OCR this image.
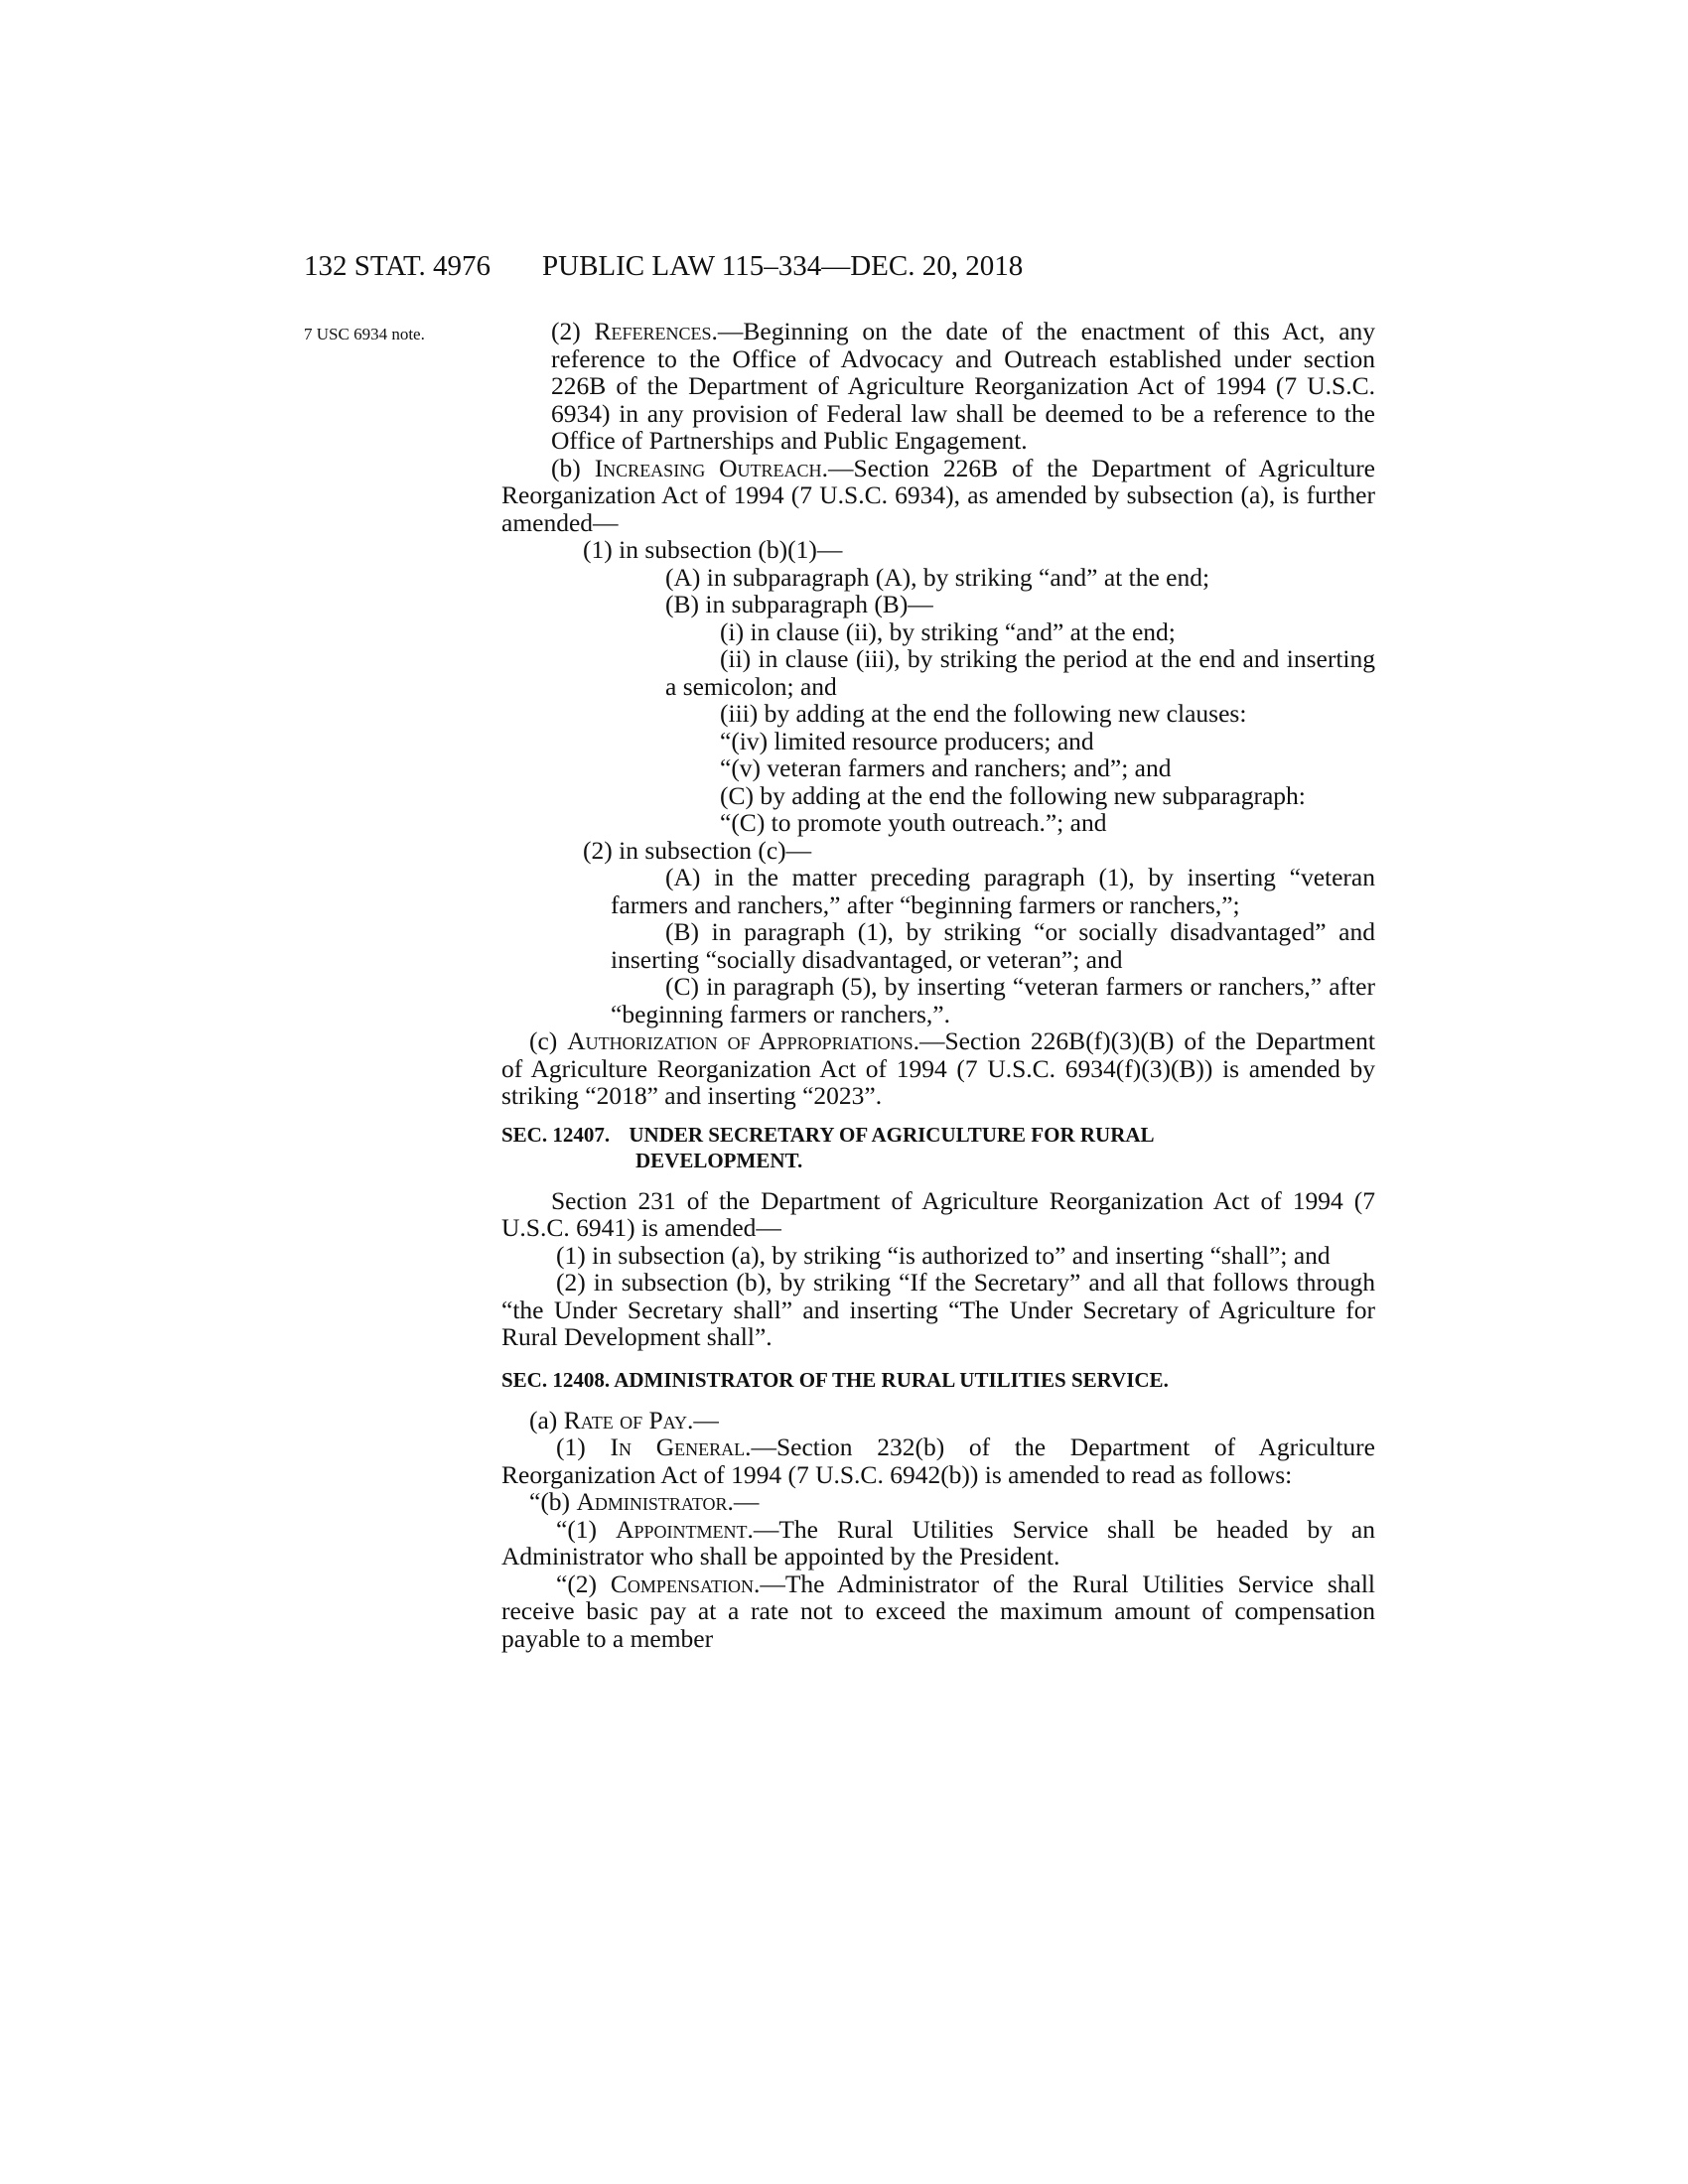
132 STAT. 4976 PUBLIC LAW 115–334—DEC. 20, 2018
7 USC 6934 note.	(2) References.—Beginning on the date of the enactment of this Act, any reference to the Office of Advocacy and Outreach established under section 226B of the Department of Agriculture Reorganization Act of 1994 (7 U.S.C. 6934) in any provision of Federal law shall be deemed to be a reference to the Office of Partnerships and Public Engagement.

(b) Increasing Outreach.—Section 226B of the Department of Agriculture Reorganization Act of 1994 (7 U.S.C. 6934), as amended by subsection (a), is further amended—

(1) in subsection (b)(1)—

(A) in subparagraph (A), by striking “and” at the end;

(B) in subparagraph (B)—

(i) in clause (ii), by striking “and” at the end;

(ii) in clause (iii), by striking the period at the end and inserting a semicolon; and

(iii) by adding at the end the following new clauses:

“(iv) limited resource producers; and

“(v) veteran farmers and ranchers; and”; and

(C) by adding at the end the following new subparagraph:

“(C) to promote youth outreach.”; and

(2) in subsection (c)—

(A) in the matter preceding paragraph (1), by inserting “veteran farmers and ranchers,” after “beginning farmers or ranchers,”;

(B) in paragraph (1), by striking “or socially disadvantaged” and inserting “socially disadvantaged, or veteran”; and

(C) in paragraph (5), by inserting “veteran farmers or ranchers,” after “beginning farmers or ranchers,”.

(c) Authorization of Appropriations.—Section 226B(f)(3)(B) of the Department of Agriculture Reorganization Act of 1994 (7 U.S.C. 6934(f)(3)(B)) is amended by striking “2018” and inserting “2023”.

SEC. 12407. UNDER SECRETARY OF AGRICULTURE FOR RURAL
DEVELOPMENT.

Section 231 of the Department of Agriculture Reorganization Act of 1994 (7 U.S.C. 6941) is amended—

(1) in subsection (a), by striking “is authorized to” and inserting “shall”; and

(2) in subsection (b), by striking “If the Secretary” and all that follows through “the Under Secretary shall” and inserting “The Under Secretary of Agriculture for Rural Development shall”.

SEC. 12408. ADMINISTRATOR OF THE RURAL UTILITIES SERVICE.

(a) Rate of Pay.—

(1) In General.—Section 232(b) of the Department of Agriculture Reorganization Act of 1994 (7 U.S.C. 6942(b)) is amended to read as follows:

“(b) Administrator.—

“(1) Appointment.—The Rural Utilities Service shall be headed by an Administrator who shall be appointed by the President.

“(2) Compensation.—The Administrator of the Rural Utilities Service shall receive basic pay at a rate not to exceed the maximum amount of compensation payable to a member
